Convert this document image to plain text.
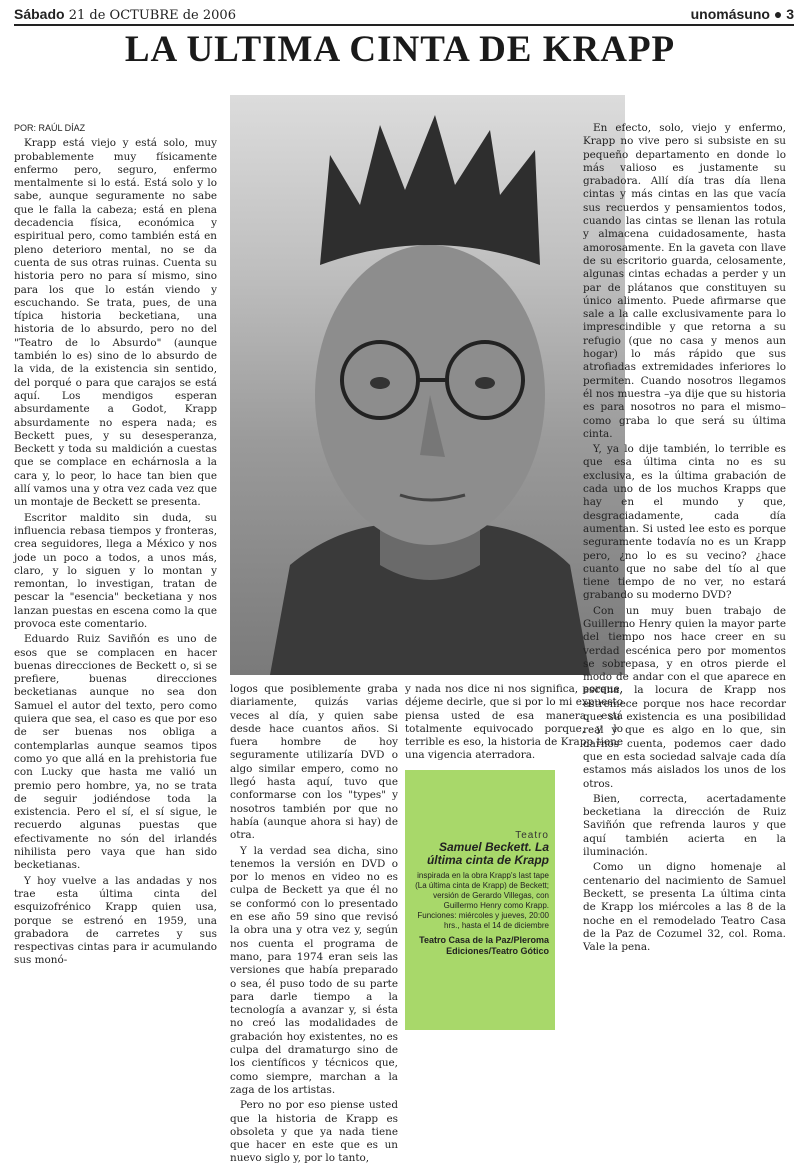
Sábado 21 de OCTUBRE de 2006	unomásuno ● 3
LA ULTIMA CINTA DE KRAPP

POR: RAÚL DÍAZ

Krapp está viejo y está solo, muy probablemente muy físicamente enfermo pero, seguro, enfermo mentalmente si lo está. Está solo y lo sabe, aunque seguramente no sabe que le falla la cabeza; está en plena decadencia física, económica y espiritual pero, como también está en pleno deterioro mental, no se da cuenta de sus otras ruinas. Cuenta su historia pero no para sí mismo, sino para los que lo están viendo y escuchando. Se trata, pues, de una típica historia becketiana, una historia de lo absurdo, pero no del "Teatro de lo Absurdo" (aunque también lo es) sino de lo absurdo de la vida, de la existencia sin sentido, del porqué o para que carajos se está aquí. Los mendigos esperan absurdamente a Godot, Krapp absurdamente no espera nada; es Beckett pues, y su desesperanza, Beckett y toda su maldición a cuestas que se complace en echárnosla a la cara y, lo peor, lo hace tan bien que allí vamos una y otra vez cada vez que un montaje de Beckett se presenta.

Escritor maldito sin duda, su influencia rebasa tiempos y fronteras, crea seguidores, llega a México y nos jode un poco a todos, a unos más, claro, y lo siguen y lo montan y remontan, lo investigan, tratan de pescar la "esencia" becketiana y nos lanzan puestas en escena como la que provoca este comentario.

Eduardo Ruiz Saviñón es uno de esos que se complacen en hacer buenas direcciones de Beckett o, si se prefiere, buenas direcciones becketianas aunque no sea don Samuel el autor del texto, pero como quiera que sea, el caso es que por eso de ser buenas nos obliga a contemplarlas aunque seamos tipos como yo que allá en la prehistoria fue con Lucky que hasta me valió un premio pero hombre, ya, no se trata de seguir jodiéndose toda la existencia. Pero el sí, el sí sigue, le recuerdo algunas puestas que efectivamente no són del irlandés nihilista pero vaya que han sido becketianas.

Y hoy vuelve a las andadas y nos trae esta última cinta del esquizofrénico Krapp quien usa, porque se estrenó en 1959, una grabadora de carretes y sus respectivas cintas para ir acumulando sus monó-

logos que posiblemente graba diariamente, quizás varias veces al día, y quien sabe desde hace cuantos años. Si fuera hombre de hoy seguramente utilizaría DVD o algo similar empero, como no llegó hasta aquí, tuvo que conformarse con los "types" y nosotros también por que no había (aunque ahora si hay) de otra.

Y la verdad sea dicha, sino tenemos la versión en DVD o por lo menos en video no es culpa de Beckett ya que él no se conformó con lo presentado en ese año 59 sino que revisó la obra una y otra vez y, según nos cuenta el programa de mano, para 1974 eran seis las versiones que había preparado o sea, él puso todo de su parte para darle tiempo a la tecnología a avanzar y, si ésta no creó las modalidades de grabación hoy existentes, no es culpa del dramaturgo sino de los científicos y técnicos que, como siempre, marchan a la zaga de los artistas.

Pero no por eso piense usted que la historia de Krapp es obsoleta y que ya nada tiene que hacer en este que es un nuevo siglo y, por lo tanto,

y nada nos dice ni nos significa, porque, déjeme decirle, que si por lo mi expuesto piensa usted de esa manera, está totalmente equivocado porque, y lo terrible es eso, la historia de Krapp tiene una vigencia aterradora.

Teatro
Samuel Beckett. La última cinta de Krapp
inspirada en la obra Krapp's last tape (La última cinta de Krapp) de Beckett; versión de Gerardo Villegas, con Guillermo Henry como Krapp. Funciones: miércoles y jueves, 20:00 hrs., hasta el 14 de diciembre
Teatro Casa de la Paz/Pleroma Ediciones/Teatro Gótico

En efecto, solo, viejo y enfermo, Krapp no vive pero si subsiste en su pequeño departamento en donde lo más valioso es justamente su grabadora. Allí día tras día llena cintas y más cintas en las que vacía sus recuerdos y pensamientos todos, cuando las cintas se llenan las rotula y almacena cuidadosamente, hasta amorosamente. En la gaveta con llave de su escritorio guarda, celosamente, algunas cintas echadas a perder y un par de plátanos que constituyen su único alimento. Puede afirmarse que sale a la calle exclusivamente para lo imprescindible y que retorna a su refugio (que no casa y menos aun hogar) lo más rápido que sus atrofiadas extremidades inferiores lo permiten. Cuando nosotros llegamos él nos muestra –ya dije que su historia es para nosotros no para el mismo– como graba lo que será su última cinta.

Y, ya lo dije también, lo terrible es que esa última cinta no es su exclusiva, es la última grabación de cada uno de los muchos Krapps que hay en el mundo y que, desgraciadamente, cada día aumentan. Si usted lee esto es porque seguramente todavía no es un Krapp pero, ¿no lo es su vecino? ¿hace cuanto que no sabe del tío al que tiene tiempo de no ver, no estará grabando su moderno DVD?

Con un muy buen trabajo de Guillermo Henry quien la mayor parte del tiempo nos hace creer en su verdad escénica pero por momentos se sobrepasa, y en otros pierde el modo de andar con el que aparece en escena, la locura de Krapp nos estremece porque nos hace recordar que su existencia es una posibilidad real y que es algo en lo que, sin darnos cuenta, podemos caer dado que en esta sociedad salvaje cada día estamos más aislados los unos de los otros.

Bien, correcta, acertadamente becketiana la dirección de Ruiz Saviñón que refrenda lauros y que aquí también acierta en la iluminación.

Como un digno homenaje al centenario del nacimiento de Samuel Beckett, se presenta La última cinta de Krapp los miércoles a las 8 de la noche en el remodelado Teatro Casa de la Paz de Cozumel 32, col. Roma. Vale la pena.
